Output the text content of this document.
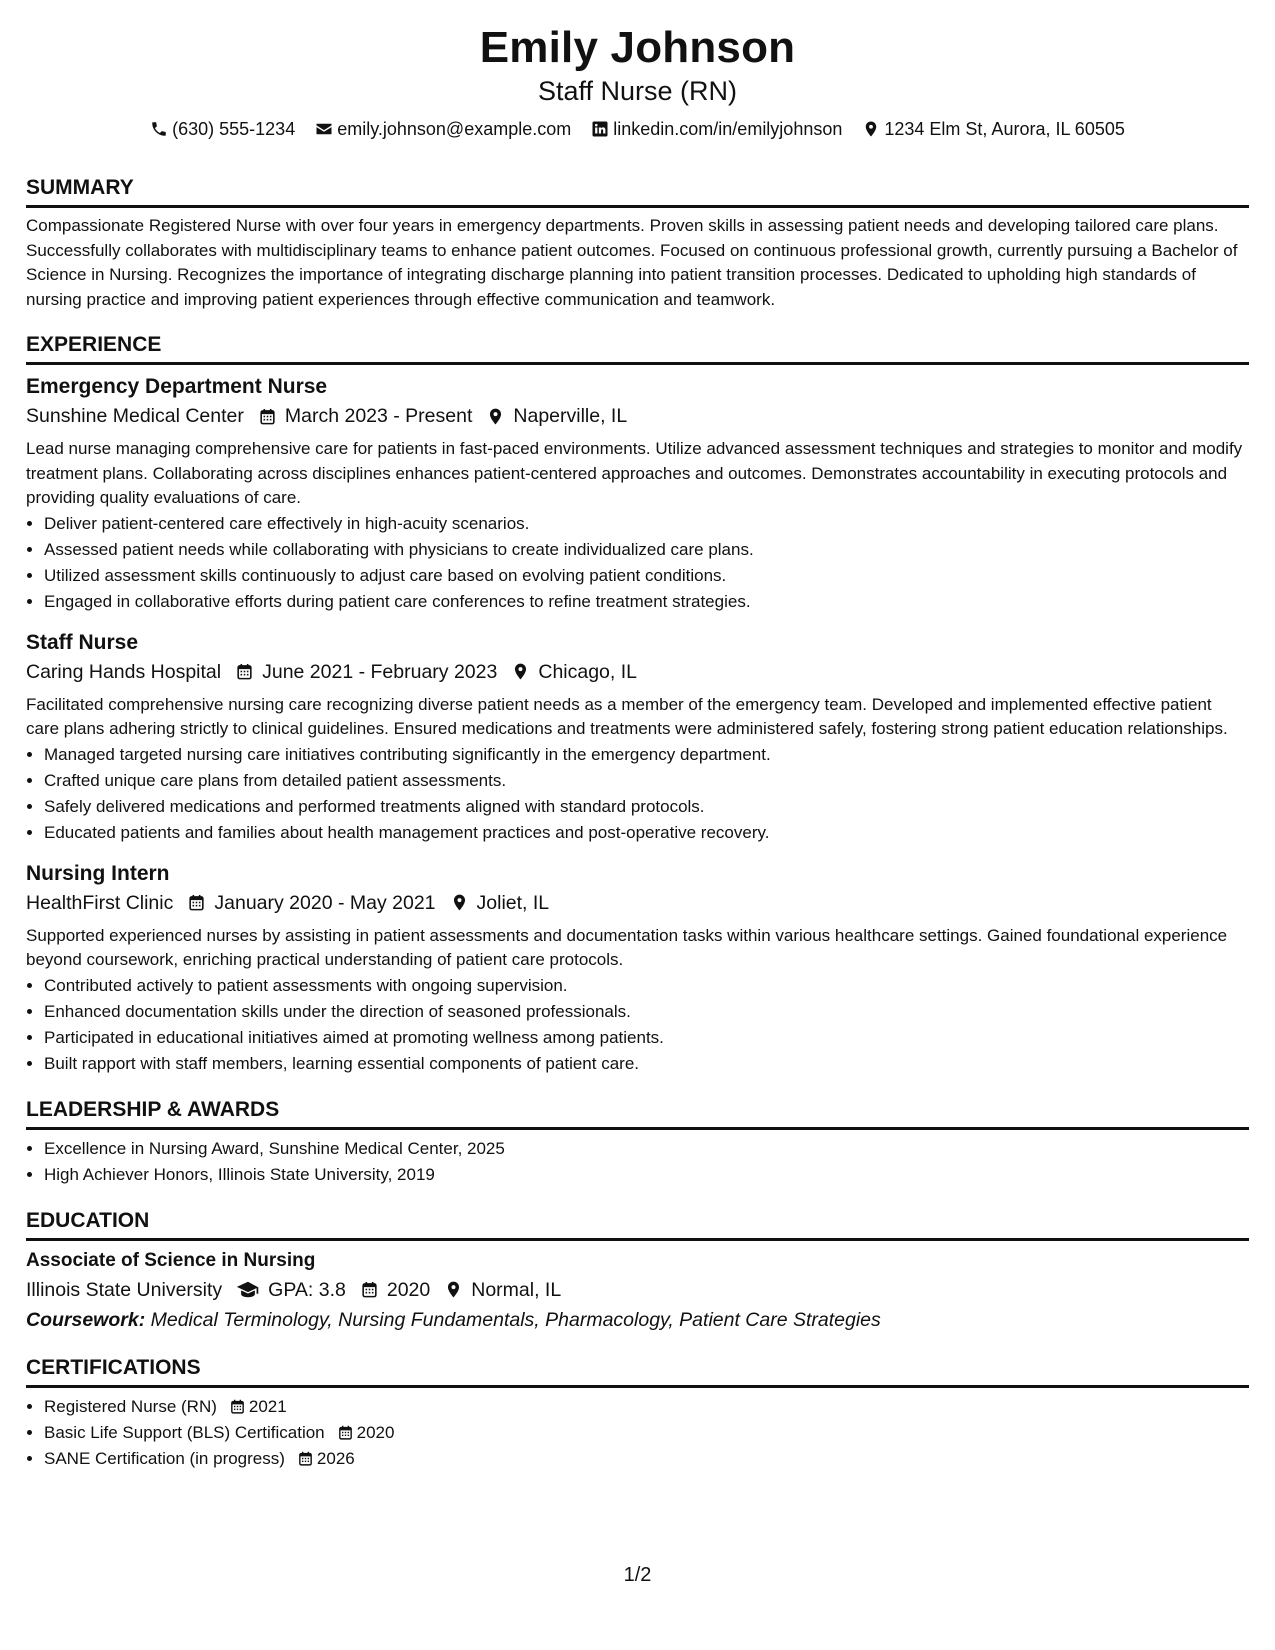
Emily Johnson
Staff Nurse (RN)
(630) 555-1234 emily.johnson@example.com linkedin.com/in/emilyjohnson 1234 Elm St, Aurora, IL 60505
SUMMARY

Compassionate Registered Nurse with over four years in emergency departments. Proven skills in assessing patient needs and developing tailored care plans. Successfully collaborates with multidisciplinary teams to enhance patient outcomes. Focused on continuous professional growth, currently pursuing a Bachelor of Science in Nursing. Recognizes the importance of integrating discharge planning into patient transition processes. Dedicated to upholding high standards of nursing practice and improving patient experiences through effective communication and teamwork.

EXPERIENCE
Emergency Department Nurse
Sunshine Medical Center March 2023 - Present Naperville, IL

Lead nurse managing comprehensive care for patients in fast-paced environments. Utilize advanced assessment techniques and strategies to monitor and modify treatment plans. Collaborating across disciplines enhances patient-centered approaches and outcomes. Demonstrates accountability in executing protocols and providing quality evaluations of care.

• Deliver patient-centered care effectively in high-acuity scenarios.
• Assessed patient needs while collaborating with physicians to create individualized care plans.
• Utilized assessment skills continuously to adjust care based on evolving patient conditions.
• Engaged in collaborative efforts during patient care conferences to refine treatment strategies.
Staff Nurse
Caring Hands Hospital June 2021 - February 2023 Chicago, IL

Facilitated comprehensive nursing care recognizing diverse patient needs as a member of the emergency team. Developed and implemented effective patient care plans adhering strictly to clinical guidelines. Ensured medications and treatments were administered safely, fostering strong patient education relationships.

• Managed targeted nursing care initiatives contributing significantly in the emergency department.
• Crafted unique care plans from detailed patient assessments.
• Safely delivered medications and performed treatments aligned with standard protocols.
• Educated patients and families about health management practices and post-operative recovery.
Nursing Intern
HealthFirst Clinic January 2020 - May 2021 Joliet, IL

Supported experienced nurses by assisting in patient assessments and documentation tasks within various healthcare settings. Gained foundational experience beyond coursework, enriching practical understanding of patient care protocols.

• Contributed actively to patient assessments with ongoing supervision.
• Enhanced documentation skills under the direction of seasoned professionals.
• Participated in educational initiatives aimed at promoting wellness among patients.
• Built rapport with staff members, learning essential components of patient care.
LEADERSHIP & AWARDS
• Excellence in Nursing Award, Sunshine Medical Center, 2025
• High Achiever Honors, Illinois State University, 2019
EDUCATION
Associate of Science in Nursing
Illinois State University GPA: 3.8 2020 Normal, IL
Coursework: Medical Terminology, Nursing Fundamentals, Pharmacology, Patient Care Strategies
CERTIFICATIONS
• Registered Nurse (RN) 2021
• Basic Life Support (BLS) Certification 2020
• SANE Certification (in progress) 2026
1/2
